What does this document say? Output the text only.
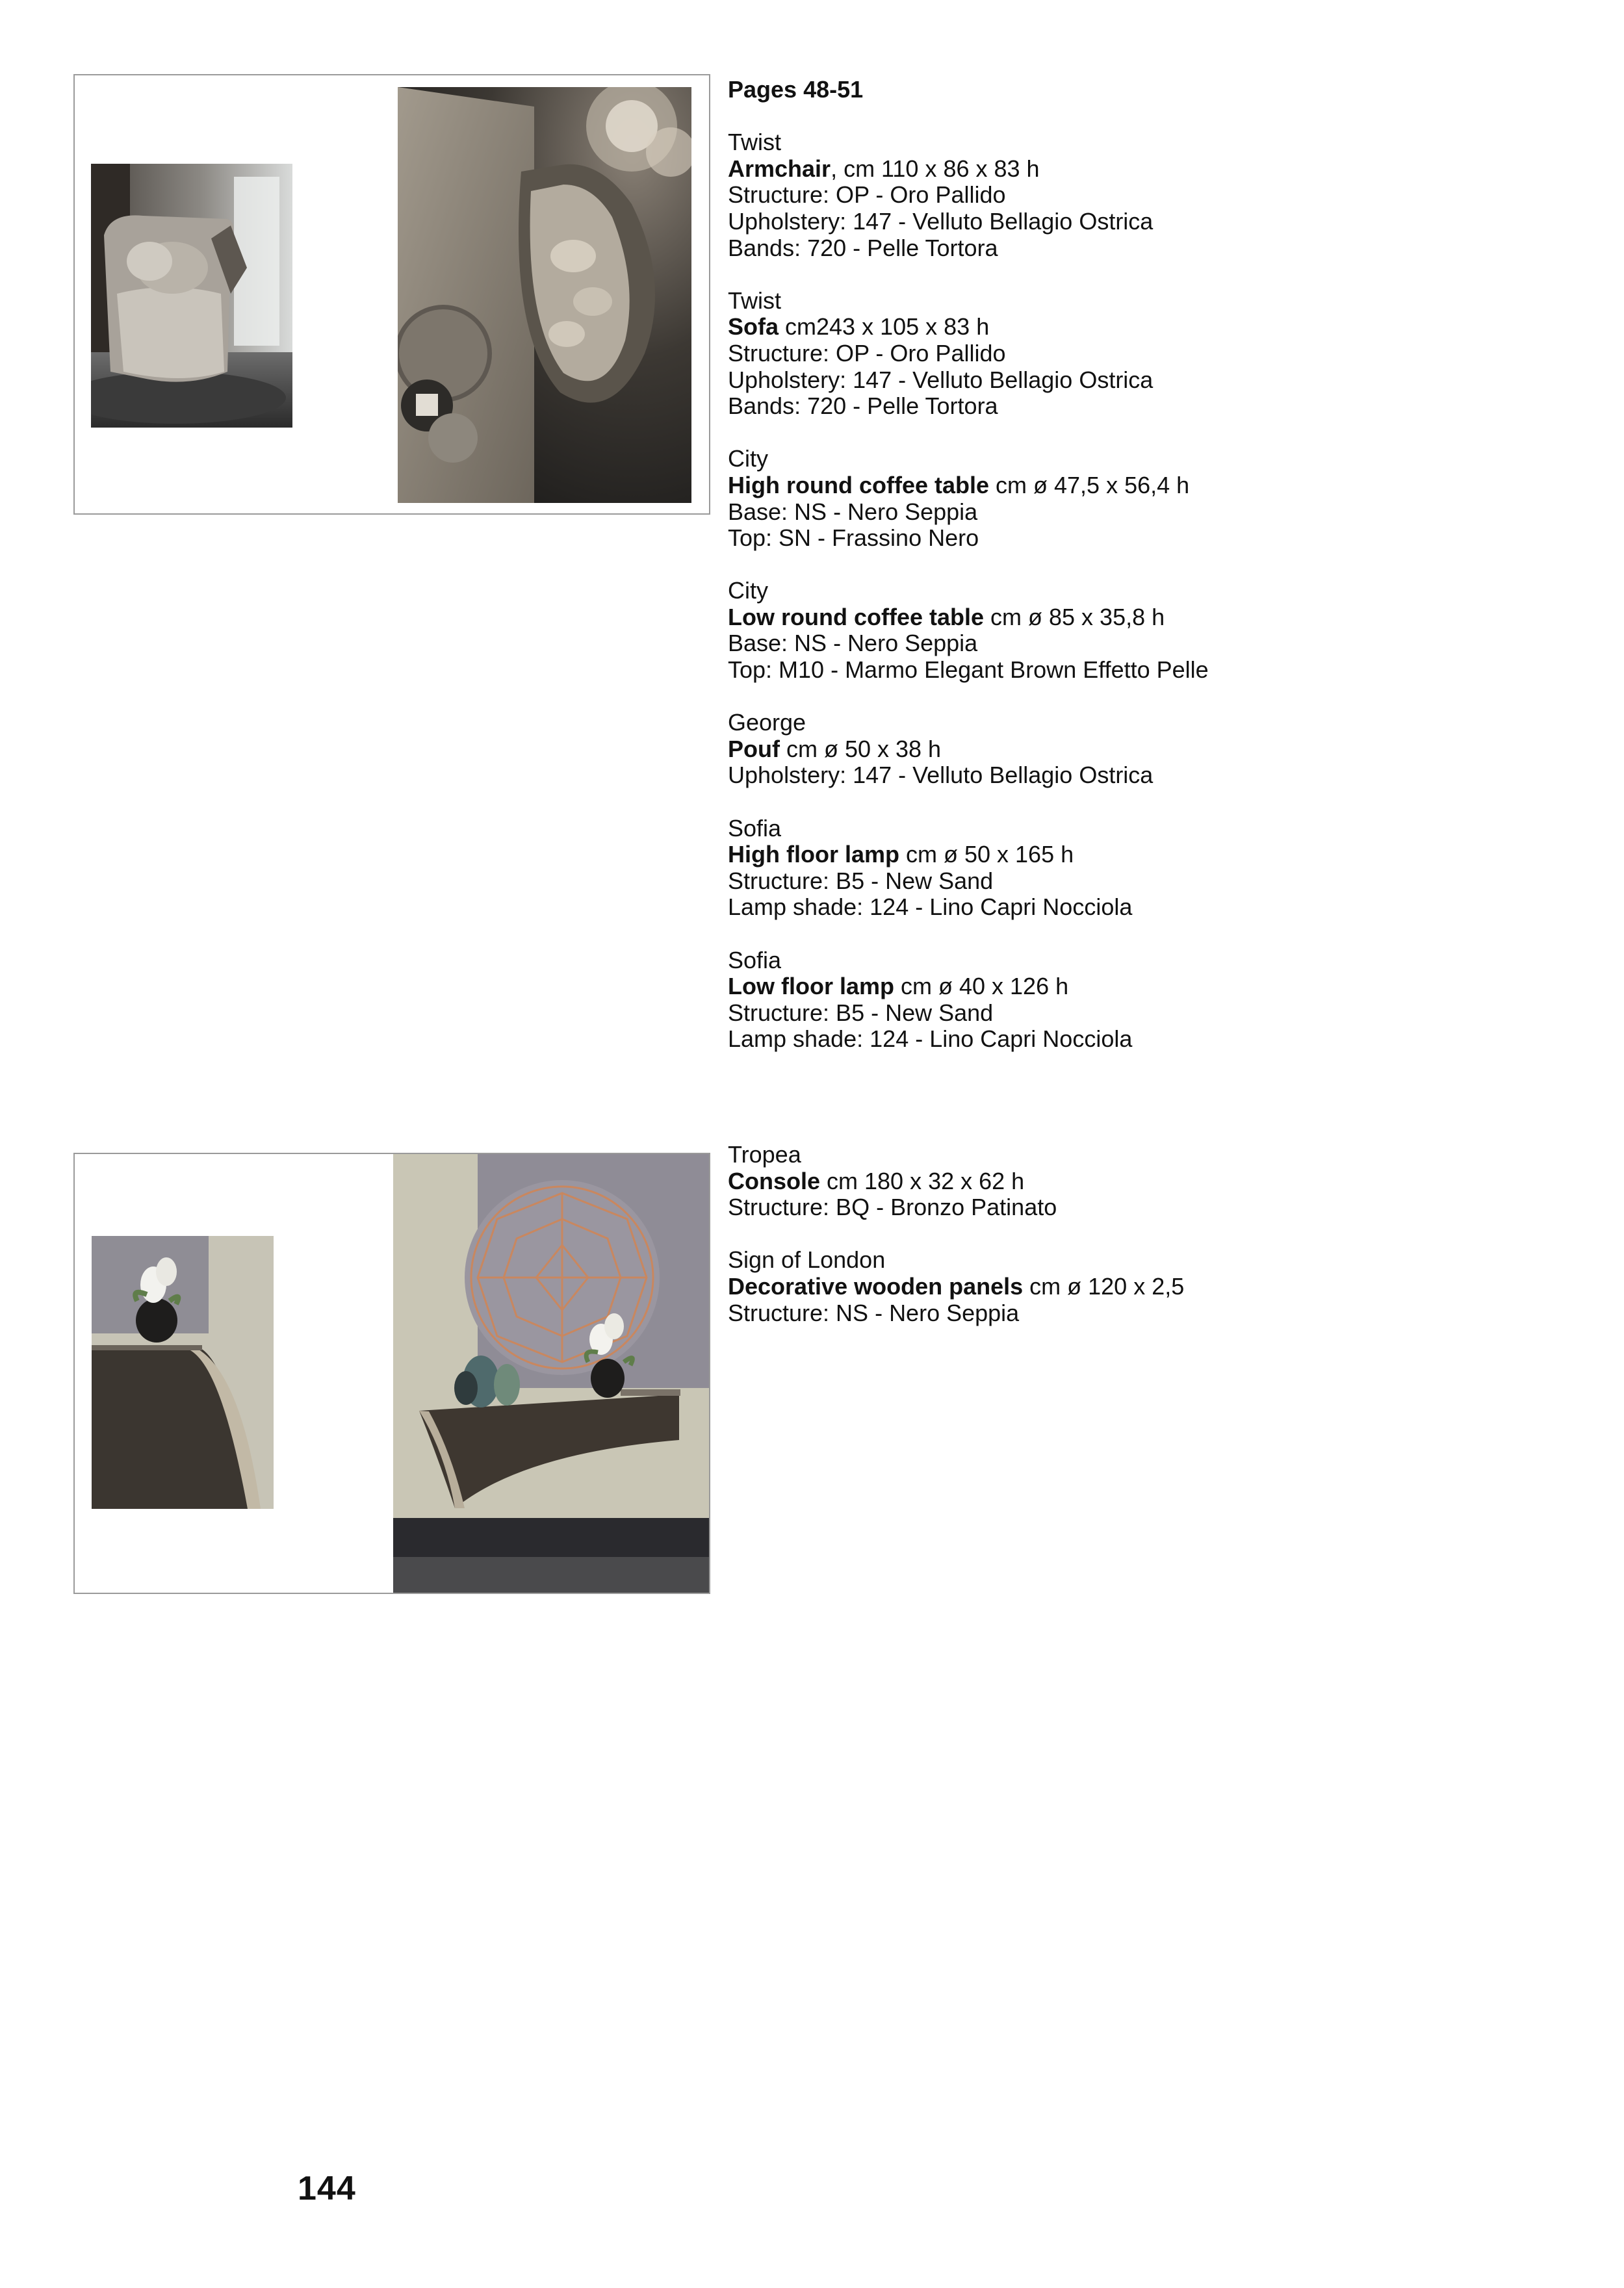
Pages 48-51

Twist

Armchair, cm 110 x 86 x 83 h

Structure: OP - Oro Pallido

Upholstery: 147 - Velluto Bellagio Ostrica

Bands: 720 - Pelle Tortora

Twist

Sofa cm243 x 105 x 83 h

Structure: OP - Oro Pallido

Upholstery: 147 - Velluto Bellagio Ostrica

Bands: 720 - Pelle Tortora

City

High round coffee table cm ø 47,5 x 56,4 h

Base: NS - Nero Seppia

Top: SN - Frassino Nero

City

Low round coffee table cm ø 85 x 35,8 h

Base: NS - Nero Seppia

Top: M10 - Marmo Elegant Brown Effetto Pelle

George

Pouf cm ø 50 x 38 h

Upholstery: 147 - Velluto Bellagio Ostrica

Sofia

High floor lamp cm ø 50 x 165 h

Structure: B5 - New Sand

Lamp shade: 124 - Lino Capri Nocciola

Sofia

Low floor lamp cm ø 40 x 126 h

Structure: B5 - New Sand

Lamp shade: 124 - Lino Capri Nocciola

Tropea

Console cm 180 x 32 x 62 h

Structure: BQ - Bronzo Patinato

Sign of London

Decorative wooden panels cm ø 120 x 2,5

Structure: NS - Nero Seppia

144
